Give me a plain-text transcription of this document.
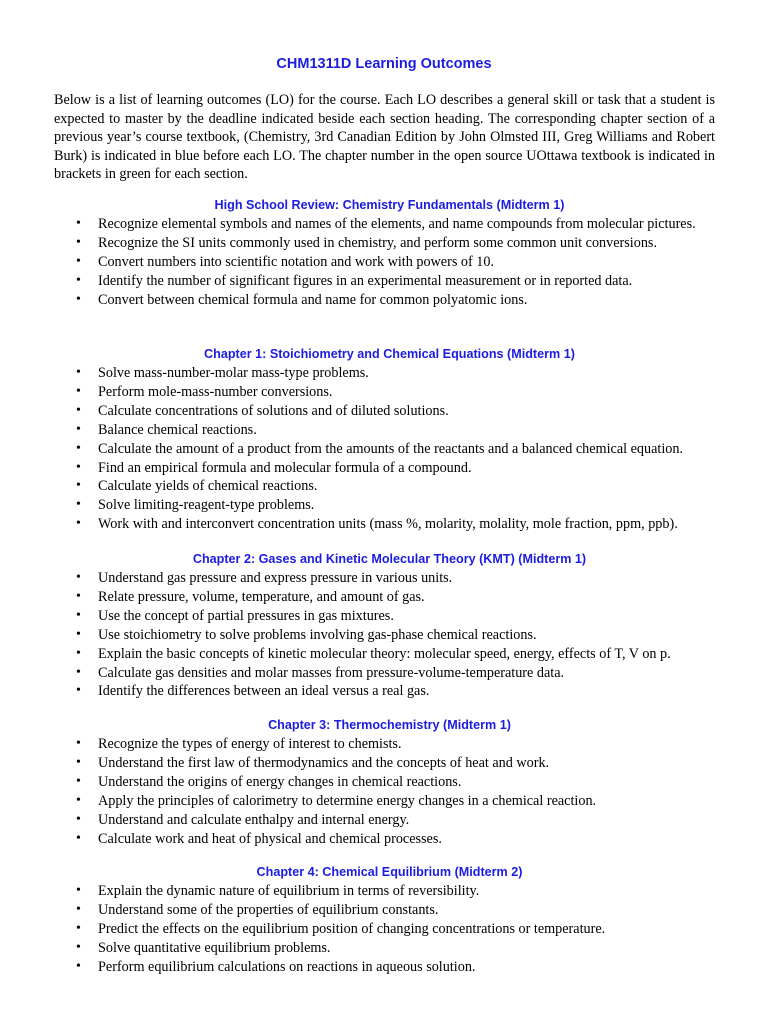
CHM1311D Learning Outcomes

Below is a list of learning outcomes (LO) for the course. Each LO describes a general skill or task that a student is expected to master by the deadline indicated beside each section heading. The corresponding chapter section of a previous year’s course textbook, (Chemistry, 3rd Canadian Edition by John Olmsted III, Greg Williams and Robert Burk) is indicated in blue before each LO. The chapter number in the open source UOttawa textbook is indicated in brackets in green for each section.

High School Review: Chemistry Fundamentals (Midterm 1)
• Recognize elemental symbols and names of the elements, and name compounds from molecular pictures.
• Recognize the SI units commonly used in chemistry, and perform some common unit conversions.
• Convert numbers into scientific notation and work with powers of 10.
• Identify the number of significant figures in an experimental measurement or in reported data.
• Convert between chemical formula and name for common polyatomic ions.
Chapter 1: Stoichiometry and Chemical Equations (Midterm 1)
• Solve mass-number-molar mass-type problems.
• Perform mole-mass-number conversions.
• Calculate concentrations of solutions and of diluted solutions.
• Balance chemical reactions.
• Calculate the amount of a product from the amounts of the reactants and a balanced chemical equation.
• Find an empirical formula and molecular formula of a compound.
• Calculate yields of chemical reactions.
• Solve limiting-reagent-type problems.
• Work with and interconvert concentration units (mass %, molarity, molality, mole fraction, ppm, ppb).
Chapter 2: Gases and Kinetic Molecular Theory (KMT) (Midterm 1)
• Understand gas pressure and express pressure in various units.
• Relate pressure, volume, temperature, and amount of gas.
• Use the concept of partial pressures in gas mixtures.
• Use stoichiometry to solve problems involving gas-phase chemical reactions.
• Explain the basic concepts of kinetic molecular theory: molecular speed, energy, effects of T, V on p.
• Calculate gas densities and molar masses from pressure-volume-temperature data.
• Identify the differences between an ideal versus a real gas.
Chapter 3: Thermochemistry (Midterm 1)
• Recognize the types of energy of interest to chemists.
• Understand the first law of thermodynamics and the concepts of heat and work.
• Understand the origins of energy changes in chemical reactions.
• Apply the principles of calorimetry to determine energy changes in a chemical reaction.
• Understand and calculate enthalpy and internal energy.
• Calculate work and heat of physical and chemical processes.
Chapter 4: Chemical Equilibrium (Midterm 2)
• Explain the dynamic nature of equilibrium in terms of reversibility.
• Understand some of the properties of equilibrium constants.
• Predict the effects on the equilibrium position of changing concentrations or temperature.
• Solve quantitative equilibrium problems.
• Perform equilibrium calculations on reactions in aqueous solution.
